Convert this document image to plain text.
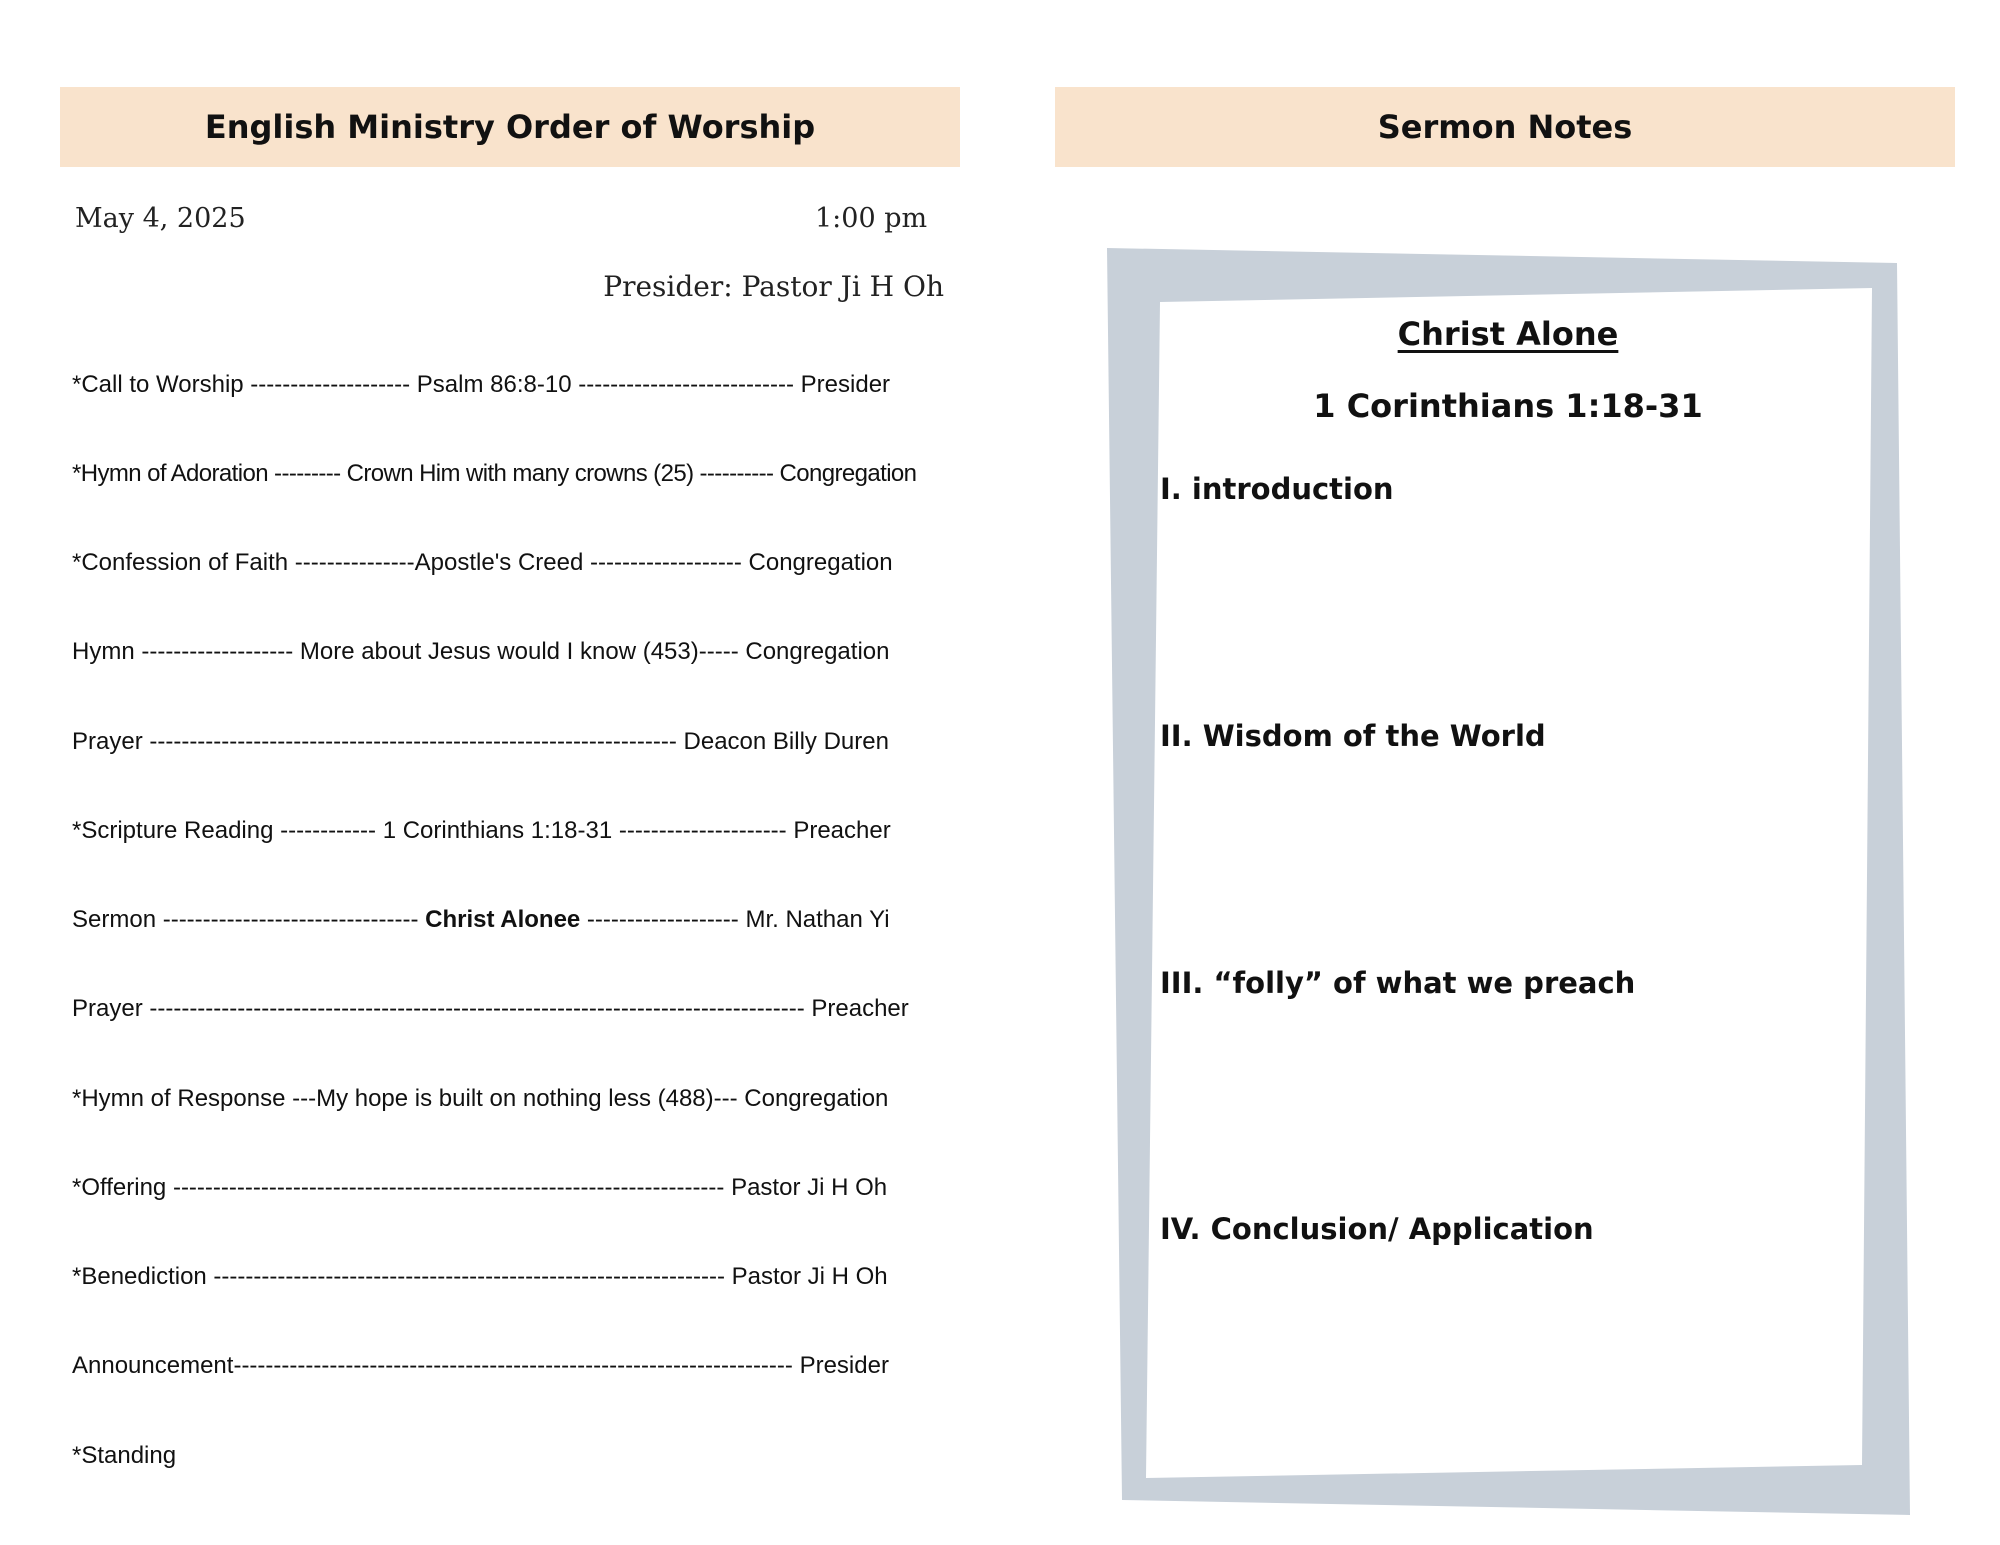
English Ministry Order of Worship	Sermon Notes
May 4, 2025	1:00 pm
Presider: Pastor Ji H Oh
*Call to Worship -------------------- Psalm 86:8-10 --------------------------- Presider
*Hymn of Adoration --------- Crown Him with many crowns (25) ---------- Congregation
*Confession of Faith ---------------Apostle's Creed ------------------- Congregation
Hymn ------------------- More about Jesus would I know (453)----- Congregation
Prayer ------------------------------------------------------------------ Deacon Billy Duren
*Scripture Reading ------------ 1 Corinthians 1:18-31 --------------------- Preacher
Sermon -------------------------------- Christ Alonee ------------------- Mr. Nathan Yi
Prayer ---------------------------------------------------------------------------------- Preacher
*Hymn of Response ---My hope is built on nothing less (488)--- Congregation
*Offering --------------------------------------------------------------------- Pastor Ji H Oh
*Benediction ---------------------------------------------------------------- Pastor Ji H Oh
Announcement---------------------------------------------------------------------- Presider
*Standing
Christ Alone
1 Corinthians 1:18-31
I. introduction
II. Wisdom of the World
III. “folly” of what we preach
IV. Conclusion/ Application
